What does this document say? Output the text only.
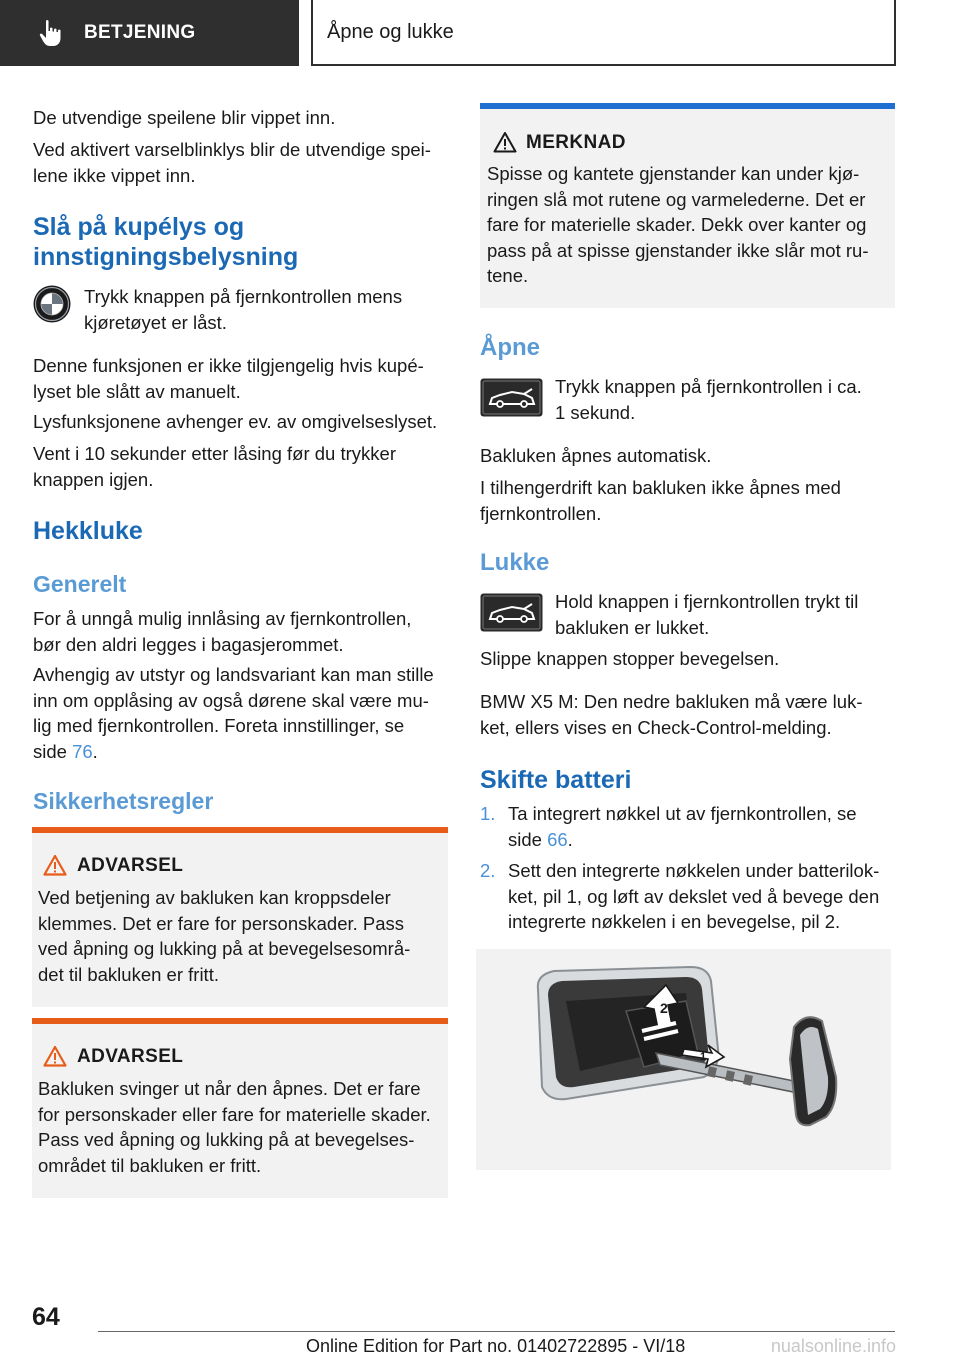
BETJENING	Åpne og lukke
De utvendige speilene blir vippet inn.
Ved aktivert varselblinklys blir de utvendige spei-
lene ikke vippet inn.
Slå på kupélys og
innstigningsbelysning
Trykk knappen på fjernkontrollen mens
kjøretøyet er låst.
Denne funksjonen er ikke tilgjengelig hvis kupé-
lyset ble slått av manuelt.
Lysfunksjonene avhenger ev. av omgivelseslyset.
Vent i 10 sekunder etter låsing før du trykker
knappen igjen.
Hekkluke
Generelt
For å unngå mulig innlåsing av fjernkontrollen,
bør den aldri legges i bagasjerommet.
Avhengig av utstyr og landsvariant kan man stille
inn om opplåsing av også dørene skal være mu-
lig med fjernkontrollen. Foreta innstillinger, se
side 76.
Sikkerhetsregler
ADVARSEL
Ved betjening av bakluken kan kroppsdeler
klemmes. Det er fare for personskader. Pass
ved åpning og lukking på at bevegelsesområ-
det til bakluken er fritt.
ADVARSEL
Bakluken svinger ut når den åpnes. Det er fare
for personskader eller fare for materielle skader.
Pass ved åpning og lukking på at bevegelses-
området til bakluken er fritt.
MERKNAD
Spisse og kantete gjenstander kan under kjø-
ringen slå mot rutene og varmelederne. Det er
fare for materielle skader. Dekk over kanter og
pass på at spisse gjenstander ikke slår mot ru-
tene.
Åpne
Trykk knappen på fjernkontrollen i ca.
1 sekund.
Bakluken åpnes automatisk.
I tilhengerdrift kan bakluken ikke åpnes med
fjernkontrollen.
Lukke
Hold knappen i fjernkontrollen trykt til
bakluken er lukket.
Slippe knappen stopper bevegelsen.
BMW X5 M: Den nedre bakluken må være luk-
ket, ellers vises en Check-Control-melding.
Skifte batteri
1. Ta integrert nøkkel ut av fjernkontrollen, se
side 66.
2. Sett den integrerte nøkkelen under batterilok-
ket, pil 1, og løft av dekslet ved å bevege den
integrerte nøkkelen i en bevegelse, pil 2.
2
1
64
Online Edition for Part no. 01402722895 - VI/18	nualsonline.info
